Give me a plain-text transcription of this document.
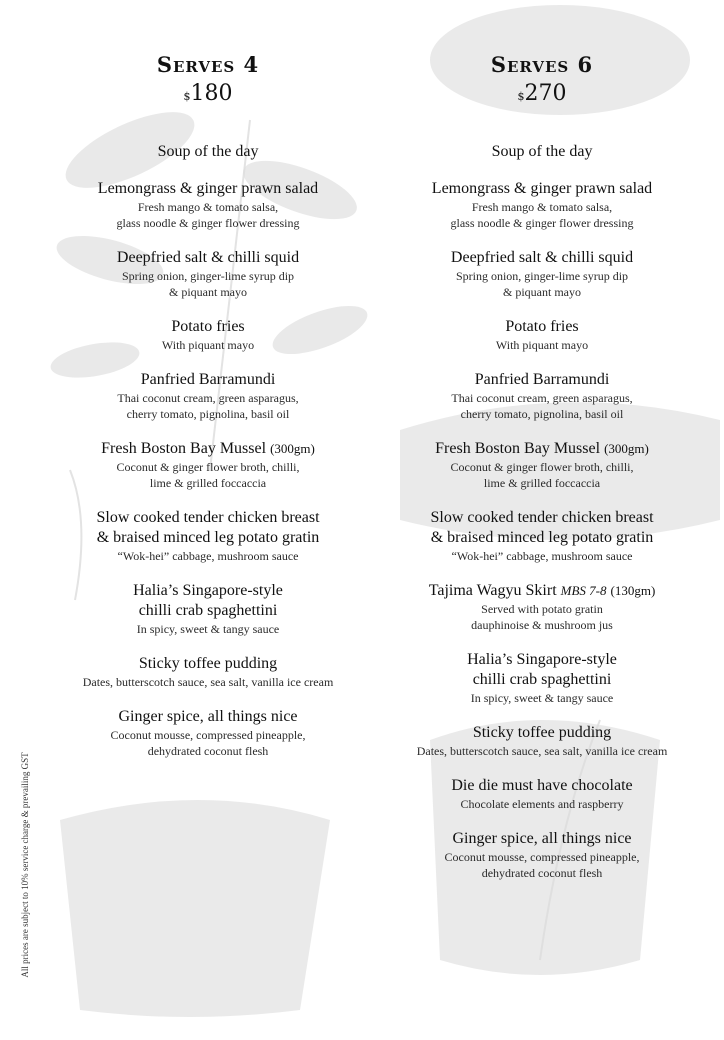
Serves 4
$180
Soup of the day
Lemongrass & ginger prawn salad
Fresh mango & tomato salsa,
glass noodle & ginger flower dressing
Deepfried salt & chilli squid
Spring onion, ginger-lime syrup dip
& piquant mayo
Potato fries
With piquant mayo
Panfried Barramundi
Thai coconut cream, green asparagus,
cherry tomato, pignolina, basil oil
Fresh Boston Bay Mussel (300gm)
Coconut & ginger flower broth, chilli,
lime & grilled foccaccia
Slow cooked tender chicken breast
& braised minced leg potato gratin
“Wok-hei” cabbage, mushroom sauce
Halia’s Singapore-style
chilli crab spaghettini
In spicy, sweet & tangy sauce
Sticky toffee pudding
Dates, butterscotch sauce, sea salt, vanilla ice cream
Ginger spice, all things nice
Coconut mousse, compressed pineapple,
dehydrated coconut flesh
Serves 6
$270
Soup of the day
Lemongrass & ginger prawn salad
Fresh mango & tomato salsa,
glass noodle & ginger flower dressing
Deepfried salt & chilli squid
Spring onion, ginger-lime syrup dip
& piquant mayo
Potato fries
With piquant mayo
Panfried Barramundi
Thai coconut cream, green asparagus,
cherry tomato, pignolina, basil oil
Fresh Boston Bay Mussel (300gm)
Coconut & ginger flower broth, chilli,
lime & grilled foccaccia
Slow cooked tender chicken breast
& braised minced leg potato gratin
“Wok-hei” cabbage, mushroom sauce
Tajima Wagyu Skirt MBS 7-8 (130gm)
Served with potato gratin
dauphinoise & mushroom jus
Halia’s Singapore-style
chilli crab spaghettini
In spicy, sweet & tangy sauce
Sticky toffee pudding
Dates, butterscotch sauce, sea salt, vanilla ice cream
Die die must have chocolate
Chocolate elements and raspberry
Ginger spice, all things nice
Coconut mousse, compressed pineapple,
dehydrated coconut flesh
All prices are subject to 10% service charge & prevailing GST
